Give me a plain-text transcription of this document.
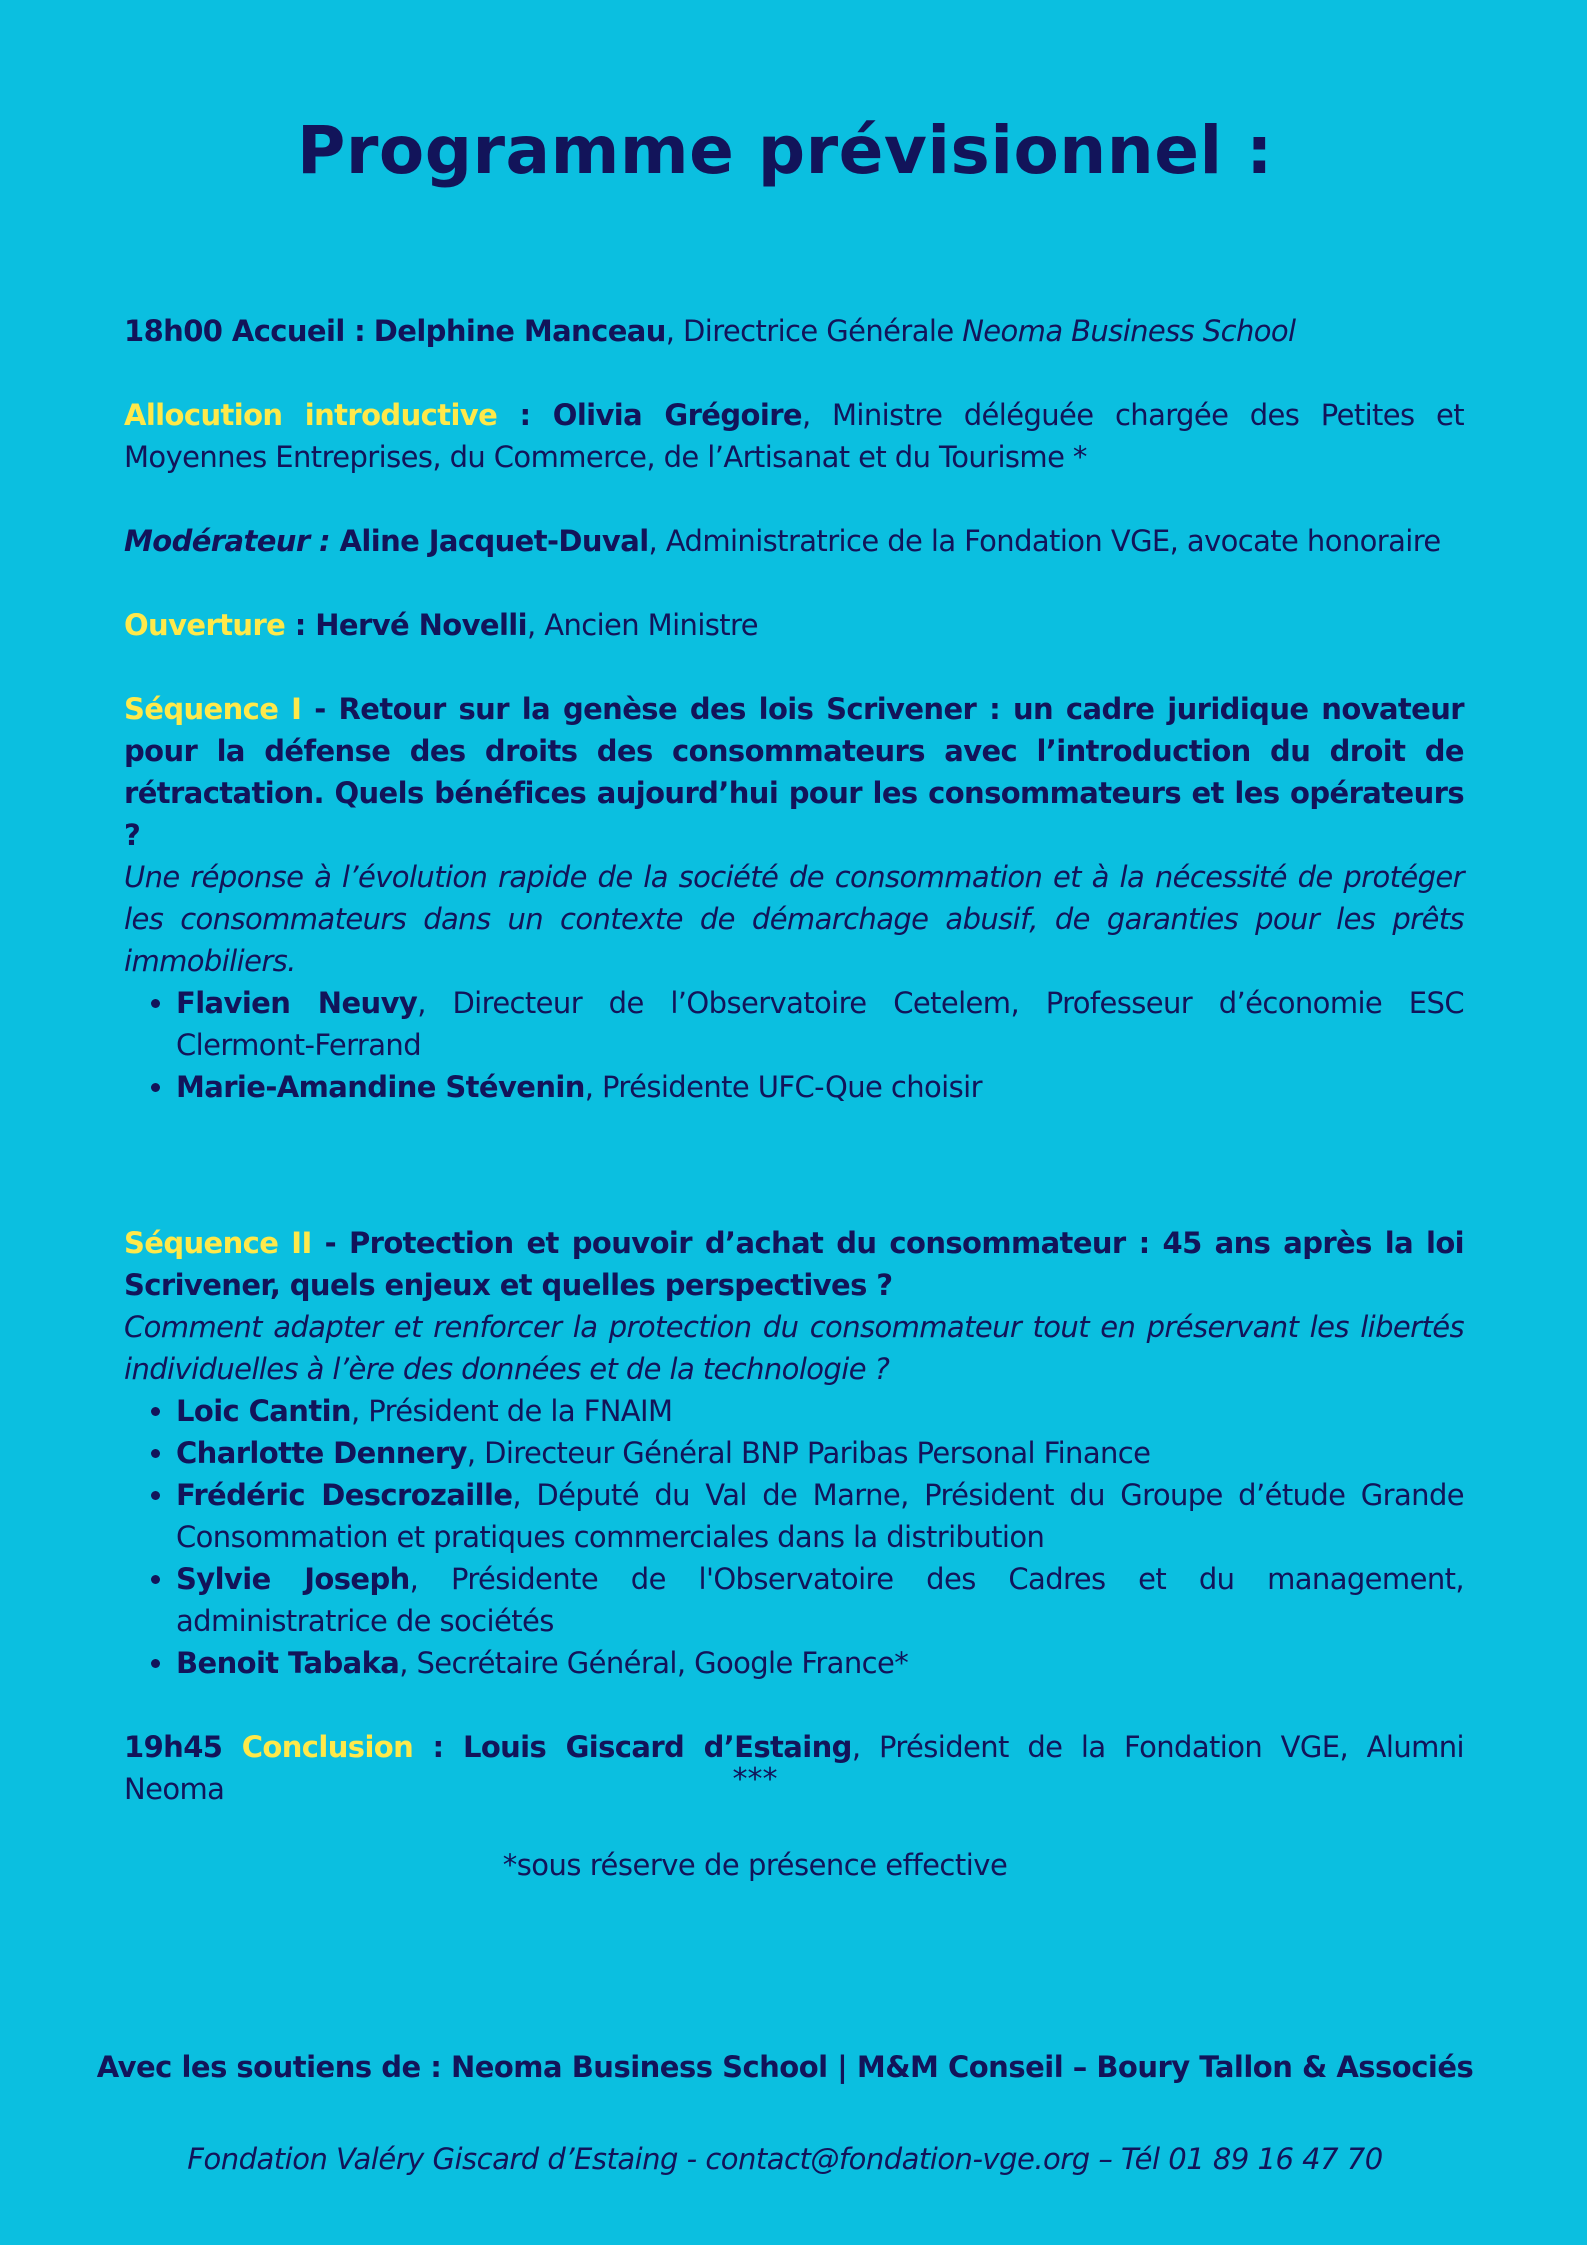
Programme prévisionnel :

18h00 Accueil : Delphine Manceau, Directrice Générale Neoma Business School

Allocution introductive : Olivia Grégoire, Ministre déléguée chargée des Petites et Moyennes Entreprises, du Commerce, de l’Artisanat et du Tourisme *

Modérateur : Aline Jacquet-Duval, Administratrice de la Fondation VGE, avocate honoraire

Ouverture : Hervé Novelli, Ancien Ministre

Séquence I - Retour sur la genèse des lois Scrivener : un cadre juridique novateur pour la défense des droits des consommateurs avec l’introduction du droit de rétractation. Quels bénéfices aujourd’hui pour les consommateurs et les opérateurs ?

Une réponse à l’évolution rapide de la société de consommation et à la nécessité de protéger les consommateurs dans un contexte de démarchage abusif, de garanties pour les prêts immobiliers.

• Flavien Neuvy, Directeur de l’Observatoire Cetelem, Professeur d’économie ESC Clermont-Ferrand
• Marie-Amandine Stévenin, Présidente UFC-Que choisir

Séquence II - Protection et pouvoir d’achat du consommateur : 45 ans après la loi Scrivener, quels enjeux et quelles perspectives ?

Comment adapter et renforcer la protection du consommateur tout en préservant les libertés individuelles à l’ère des données et de la technologie ?

• Loic Cantin, Président de la FNAIM
• Charlotte Dennery, Directeur Général BNP Paribas Personal Finance
• Frédéric Descrozaille, Député du Val de Marne, Président du Groupe d’étude Grande Consommation et pratiques commerciales dans la distribution
• Sylvie Joseph, Présidente de l'Observatoire des Cadres et du management, administratrice de sociétés
• Benoit Tabaka, Secrétaire Général, Google France*

19h45 Conclusion : Louis Giscard d’Estaing, Président de la Fondation VGE, Alumni Neoma	***
*sous réserve de présence effective
Avec les soutiens de : Neoma Business School | M&M Conseil – Boury Tallon & Associés
Fondation Valéry Giscard d’Estaing - contact@fondation-vge.org – Tél 01 89 16 47 70
